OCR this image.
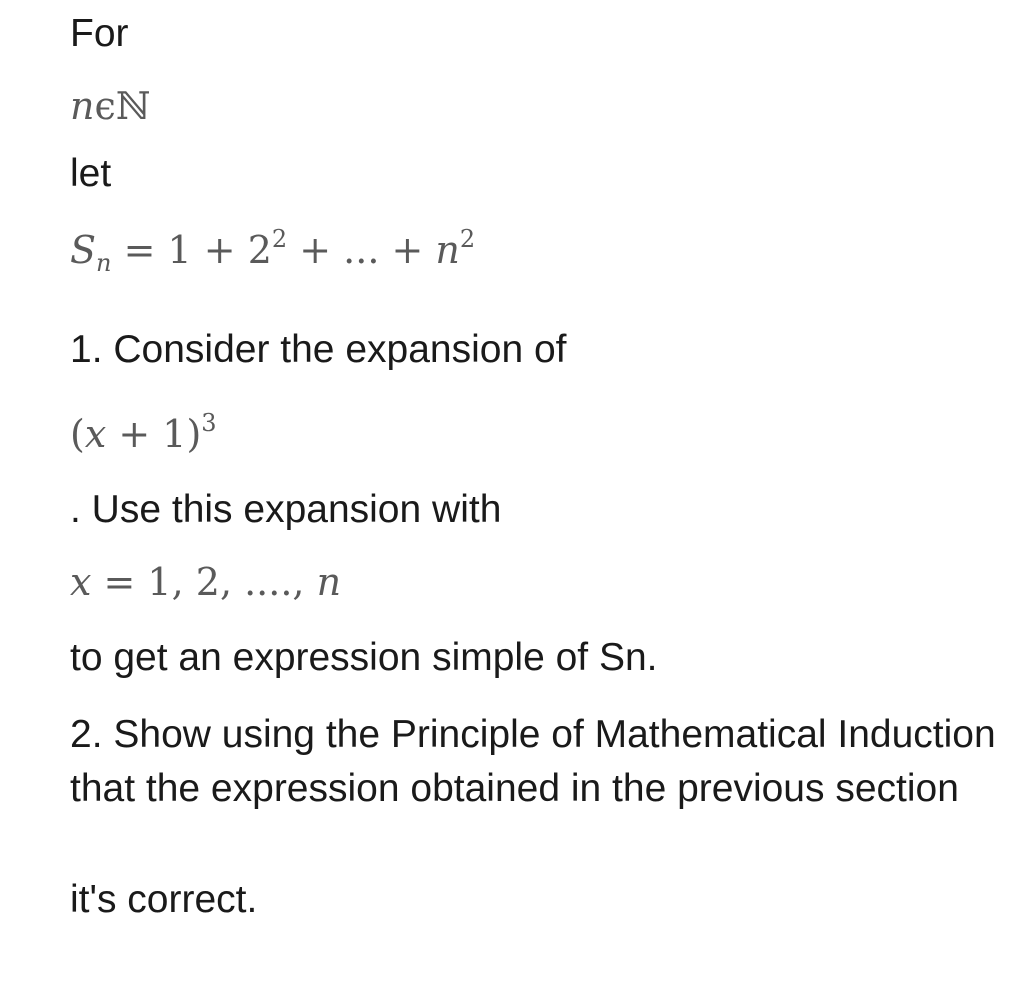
For
nϵℕ
let
$S_n = 1 + 2^2$ + ... + $n^2$
1. Consider the expansion of
$(x + 1)^3$
. Use this expansion with
x = 1, 2, ...., n
to get an expression simple of Sn.
2. Show using the Principle of Mathematical Induction that the expression obtained in the previous section
it's correct.
